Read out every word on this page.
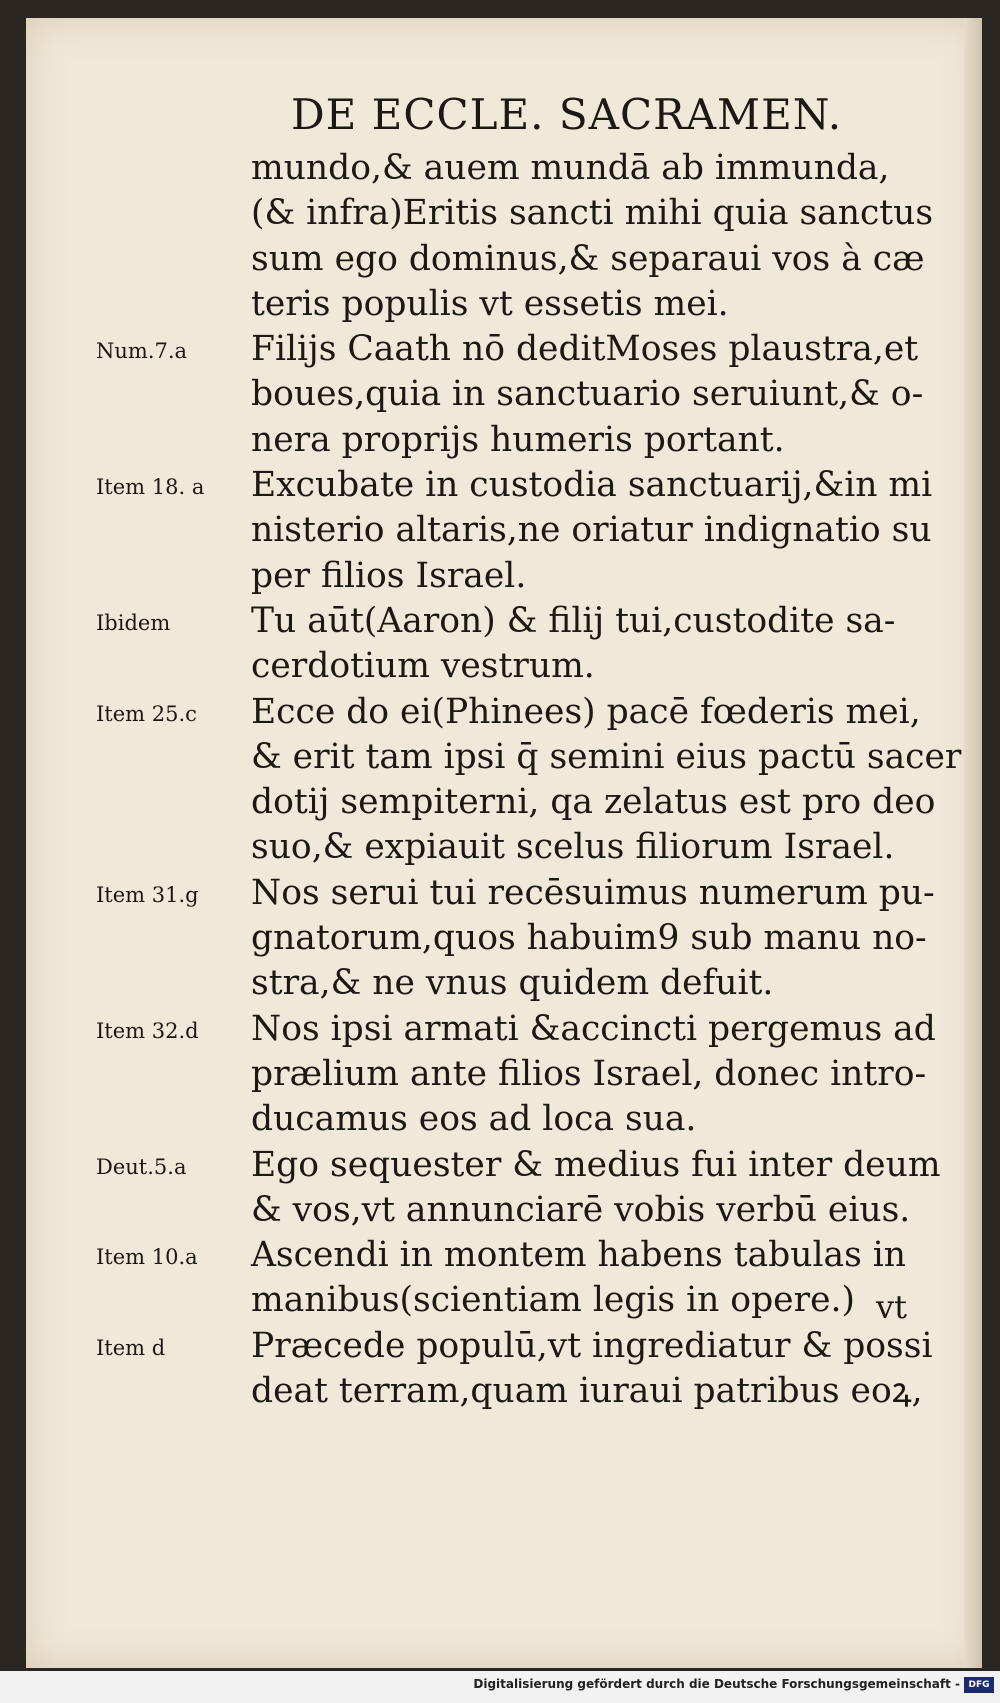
DE ECCLE. SACRAMEN.
mundo,& auem mundā ab immunda,
(& infra)Eritis sancti mihi quia sanctus
sum ego dominus,& separaui vos à cæ
teris populis vt essetis mei.
Filijs Caath nō deditMoses plaustra,et
boues,quia in sanctuario seruiunt,& o-
nera proprijs humeris portant.
Excubate in custodia sanctuarij,&in mi
nisterio altaris,ne oriatur indignatio su
per filios Israel.
Tu aūt(Aaron) & filij tui,custodite sa-
cerdotium vestrum.
Ecce do ei(Phinees) pacē fœderis mei,
& erit tam ipsi q̄ semini eius pactū sacer
dotij sempiterni, qa zelatus est pro deo
suo,& expiauit scelus filiorum Israel.
Nos serui tui recēsuimus numerum pu-
gnatorum,quos habuim9 sub manu no-
stra,& ne vnus quidem defuit.
Nos ipsi armati &accincti pergemus ad
prælium ante filios Israel, donec intro-
ducamus eos ad loca sua.
Ego sequester & medius fui inter deum
& vos,vt annunciarē vobis verbū eius.
Ascendi in montem habens tabulas in
manibus(scientiam legis in opere.)
Præcede populū,vt ingrediatur & possi
deat terram,quam iuraui patribus eoꝝ,
Num.7.a
Item 18. a
Ibidem
Item 25.c
Item 31.g
Item 32.d
Deut.5.a
Item 10.a
Item d
vt
Digitalisierung gefördert durch die Deutsche Forschungsgemeinschaft - DFG
